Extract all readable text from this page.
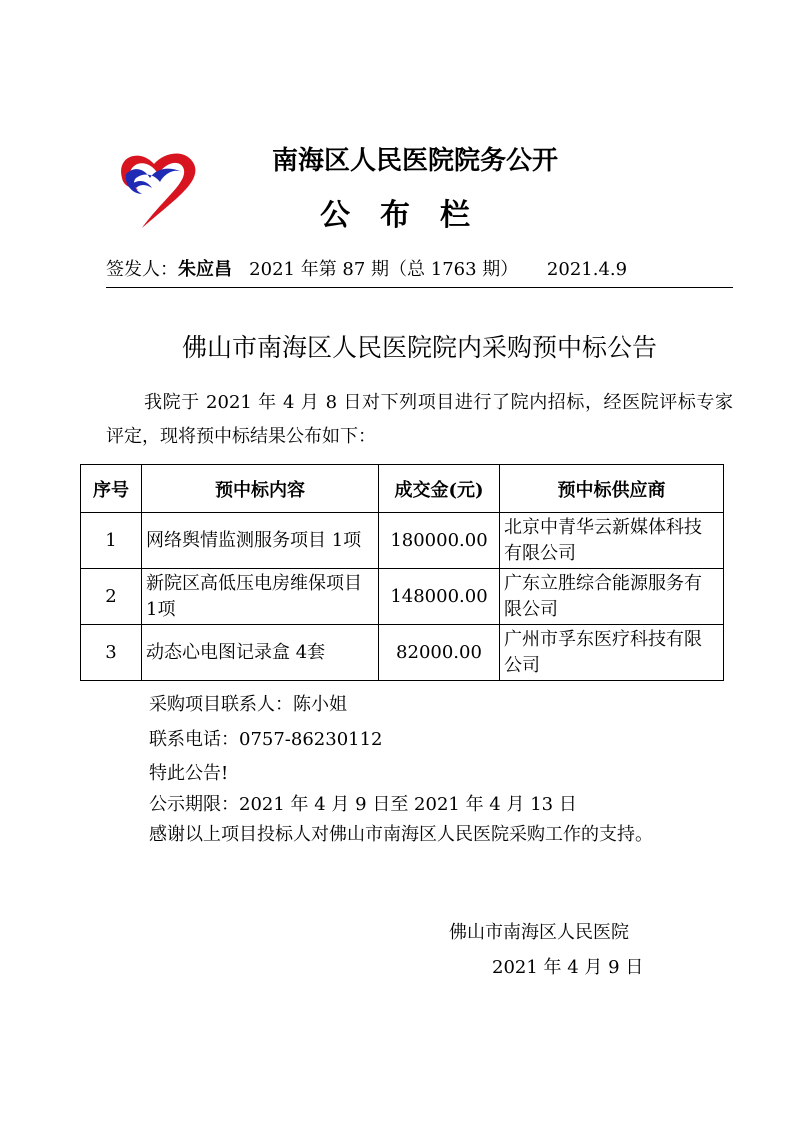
南海区人民医院院务公开
公布栏
签发人：朱应昌 2021 年第 87 期（总 1763 期） 2021.4.9
佛山市南海区人民医院院内采购预中标公告
我院于 2021 年 4 月 8 日对下列项目进行了院内招标，经医院评标专家评定，现将预中标结果公布如下：
序号	预中标内容	成交金(元)	预中标供应商
1	网络舆情监测服务项目 1项	180000.00	北京中青华云新媒体科技有限公司
2	新院区高低压电房维保项目 1项	148000.00	广东立胜综合能源服务有限公司
3	动态心电图记录盒 4套	82000.00	广州市孚东医疗科技有限公司
采购项目联系人：陈小姐
联系电话：0757-86230112
特此公告!
公示期限：2021 年 4 月 9 日至 2021 年 4 月 13 日
感谢以上项目投标人对佛山市南海区人民医院采购工作的支持。
佛山市南海区人民医院
2021 年 4 月 9 日
